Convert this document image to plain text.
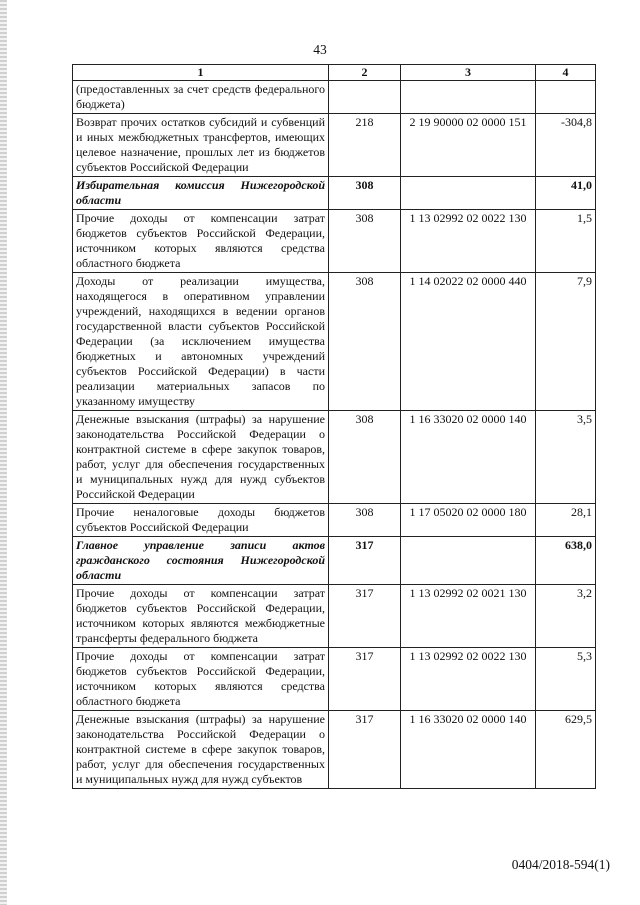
43
1	2	3	4
(предоставленных за счет средств федерального бюджета)			
Возврат прочих остатков субсидий и субвенций и иных межбюджетных трансфертов, имеющих целевое назначение, прошлых лет из бюджетов субъектов Российской Федерации	218	2 19 90000 02 0000 151	-304,8
Избирательная комиссия Нижегородской области	308		41,0
Прочие доходы от компенсации затрат бюджетов субъектов Российской Федерации, источником которых являются средства областного бюджета	308	1 13 02992 02 0022 130	1,5
Доходы от реализации имущества, находящегося в оперативном управлении учреждений, находящихся в ведении органов государственной власти субъектов Российской Федерации (за исключением имущества бюджетных и автономных учреждений субъектов Российской Федерации) в части реализации материальных запасов по указанному имуществу	308	1 14 02022 02 0000 440	7,9
Денежные взыскания (штрафы) за нарушение законодательства Российской Федерации о контрактной системе в сфере закупок товаров, работ, услуг для обеспечения государственных и муниципальных нужд для нужд субъектов Российской Федерации	308	1 16 33020 02 0000 140	3,5
Прочие неналоговые доходы бюджетов субъектов Российской Федерации	308	1 17 05020 02 0000 180	28,1
Главное управление записи актов гражданского состояния Нижегородской области	317		638,0
Прочие доходы от компенсации затрат бюджетов субъектов Российской Федерации, источником которых являются межбюджетные трансферты федерального бюджета	317	1 13 02992 02 0021 130	3,2
Прочие доходы от компенсации затрат бюджетов субъектов Российской Федерации, источником которых являются средства областного бюджета	317	1 13 02992 02 0022 130	5,3
Денежные взыскания (штрафы) за нарушение законодательства Российской Федерации о контрактной системе в сфере закупок товаров, работ, услуг для обеспечения государственных и муниципальных нужд для нужд субъектов	317	1 16 33020 02 0000 140	629,5
0404/2018-594(1)
